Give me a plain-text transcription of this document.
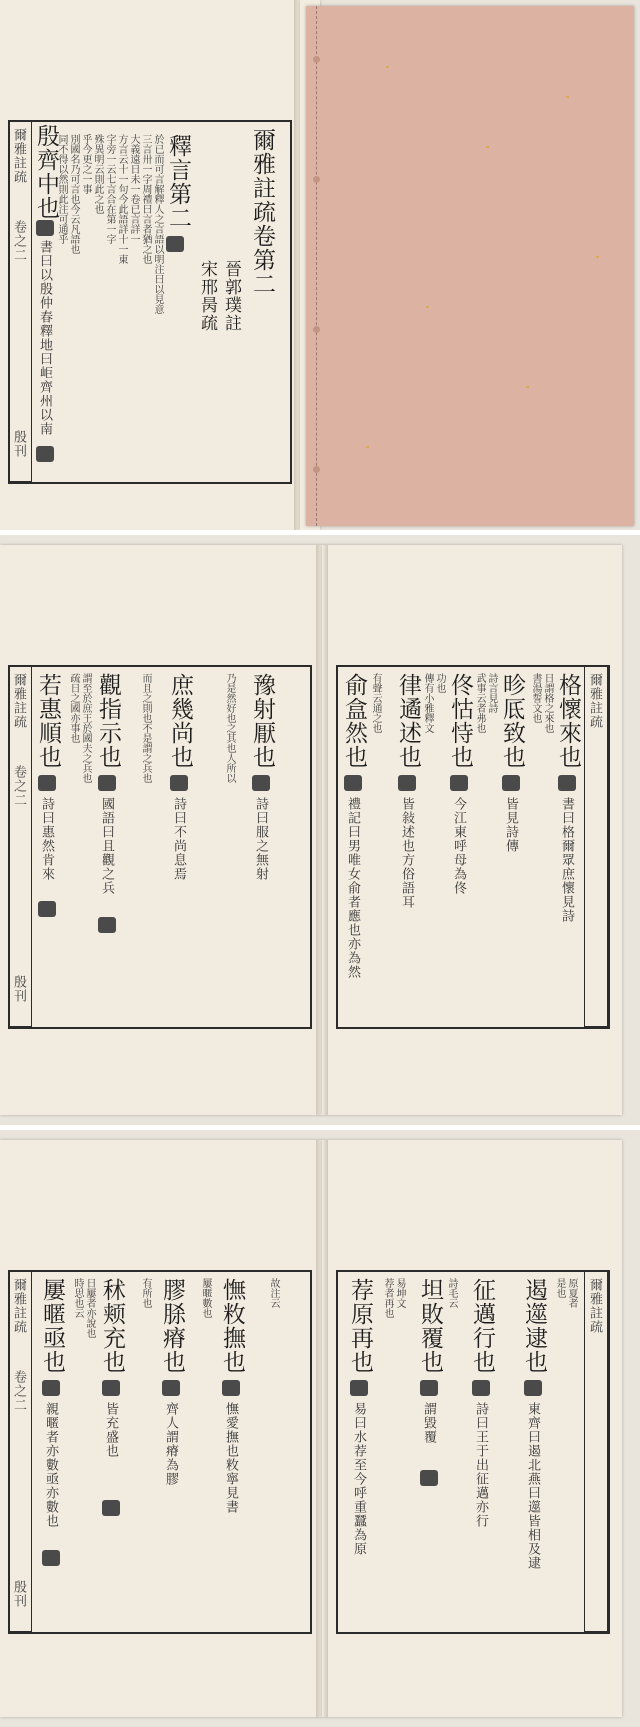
爾雅註疏
卷之二
殷刊
爾雅註疏卷第二
晉郭璞註
宋邢昺疏
釋言第二
於已而可言解釋人之言語以明注曰以見意
三言卅一字周禮曰言者猶之也
大義遠日未一卷已言詳一
方言云十一句今此語詳十一東
字旁一云七言合在第一字
殊異明云則此之也
乎今更之一事
別國名乃可言也今云凡語也
同不得以然則此注可通乎
殷齊中也
書曰以殷仲春釋地曰岠齊州以南
爾雅註疏
卷之二
殷刊
豫射厭也
詩曰服之無射
庶幾尚也
詩曰不尚息焉
觀指示也
國語曰且觀之兵
若惠順也
詩曰惠然肯來
謂至於庶王於國夫之兵也
疏日之國亦事也	而且之則也不是謂之兵也	乃是然好也之其也人所以	爾雅註疏
格懷來也
書曰格爾眾庶懷見詩
昣厎致也
皆見詩傳
佟怙恃也
今江東呼母為佟
律遹述也
皆敍述也方俗語耳
俞盒然也
禮記曰男唯女俞者應也亦為然
日謂格之來也
書湯誓文也
詩言見詩
武事云者弗也
功也
傳有小雅釋文
有聲云通之也
爾雅註疏
卷之二
殷刊
憮敉撫也
憮愛撫也敉寧見書
膠脎瘠也
齊人謂瘠為膠
秫颊充也
皆充盛也
屢暱亟也
親暱者亦數亟亦數也
日屢者亦說也
時思也云	有所也	屢暱數也	故注云	爾雅註疏
遏遾逮也
東齊曰遏北燕曰遾皆相及逮
征邁行也
詩曰王于出征邁亦行
坦敗覆也
謂毀覆
荐原再也
易曰水荐至今呼重蠶為原
原夏者
是也
詩毛云
易坤文
荐者再也
